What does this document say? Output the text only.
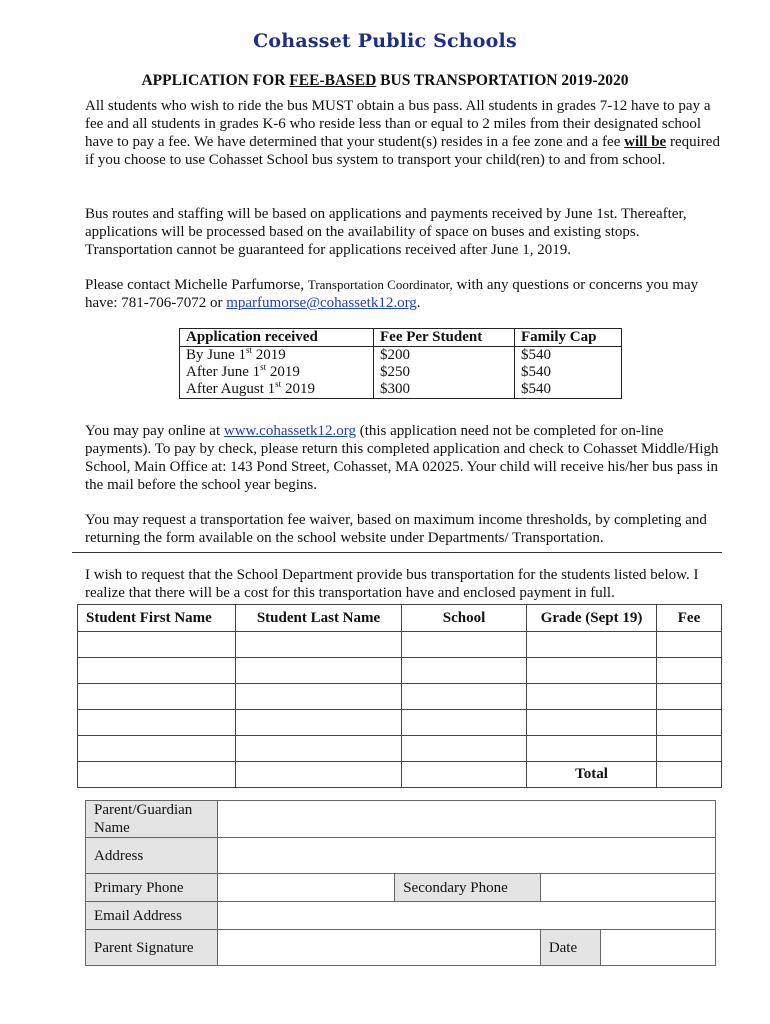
Cohasset Public Schools
APPLICATION FOR FEE-BASED BUS TRANSPORTATION 2019-2020
All students who wish to ride the bus MUST obtain a bus pass. All students in grades 7-12 have to pay a fee and all students in grades K-6 who reside less than or equal to 2 miles from their designated school have to pay a fee. We have determined that your student(s) resides in a fee zone and a fee will be required if you choose to use Cohasset School bus system to transport your child(ren) to and from school.
Bus routes and staffing will be based on applications and payments received by June 1st. Thereafter, applications will be processed based on the availability of space on buses and existing stops. Transportation cannot be guaranteed for applications received after June 1, 2019.
Please contact Michelle Parfumorse, Transportation Coordinator, with any questions or concerns you may have: 781-706-7072 or mparfumorse@cohassetk12.org.
Application received	Fee Per Student	Family Cap
By June 1st 2019	$200	$540
After June 1st 2019	$250	$540
After August 1st 2019	$300	$540
You may pay online at www.cohassetk12.org (this application need not be completed for on-line payments). To pay by check, please return this completed application and check to Cohasset Middle/High School, Main Office at: 143 Pond Street, Cohasset, MA 02025. Your child will receive his/her bus pass in the mail before the school year begins.
You may request a transportation fee waiver, based on maximum income thresholds, by completing and returning the form available on the school website under Departments/ Transportation.
I wish to request that the School Department provide bus transportation for the students listed below. I realize that there will be a cost for this transportation have and enclosed payment in full.
Student First Name	Student Last Name	School	Grade (Sept 19)	Fee

			Total	
Parent/Guardian Name				
Address				
Primary Phone		Secondary Phone		
Email Address				
Parent Signature			Date	
